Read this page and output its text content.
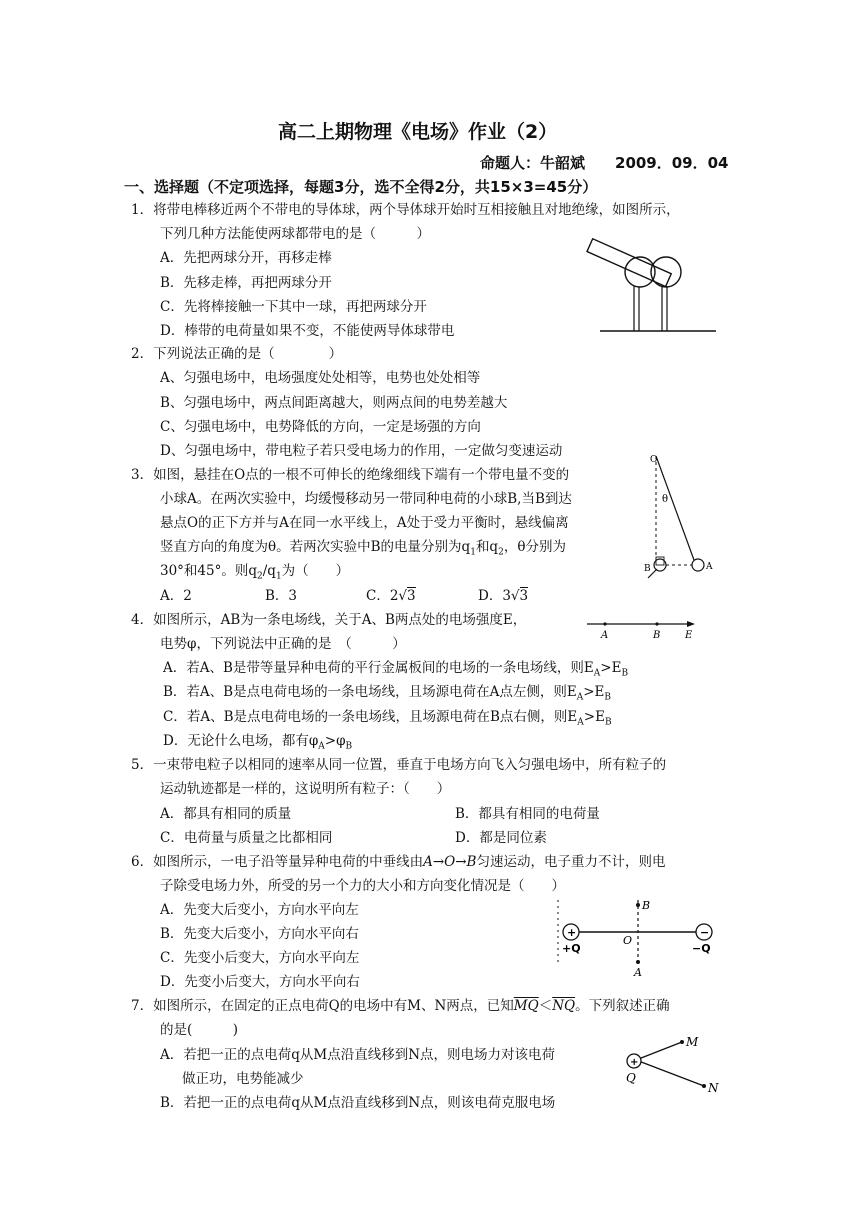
高二上期物理《电场》作业（2）
命题人：牛韶斌　　2009．09．04
一、选择题（不定项选择，每题3分，选不全得2分，共15×3=45分）
1．将带电棒移近两个不带电的导体球，两个导体球开始时互相接触且对地绝缘，如图所示，
下列几种方法能使两球都带电的是（　　　）
A．先把两球分开，再移走棒
B．先移走棒，再把两球分开
C．先将棒接触一下其中一球，再把两球分开
D．棒带的电荷量如果不变，不能使两导体球带电
2．下列说法正确的是（　　　　）
A、匀强电场中，电场强度处处相等，电势也处处相等
B、匀强电场中，两点间距离越大，则两点间的电势差越大
C、匀强电场中，电势降低的方向，一定是场强的方向
D、匀强电场中，带电粒子若只受电场力的作用，一定做匀变速运动
3．如图，悬挂在O点的一根不可伸长的绝缘细线下端有一个带电量不变的
小球A。在两次实验中，均缓慢移动另一带同种电荷的小球B,当B到达
悬点O的正下方并与A在同一水平线上，A处于受力平衡时，悬线偏离
竖直方向的角度为θ。若两次实验中B的电量分别为$q_1$和$q_2$，θ分别为
30°和45°。则$q_2/q_1$为（　　）
A．2	B．3	C．2√3	D．3√3
O
θ
B	A
4．如图所示，AB为一条电场线，关于A、B两点处的电场强度E，
电势φ，下列说法中正确的是　（　　　）
A．若A、B是带等量异种电荷的平行金属板间的电场的一条电场线，则$E_A>E_B$
B．若A、B是点电荷电场的一条电场线，且场源电荷在A点左侧，则$E_A>E_B$
C．若A、B是点电荷电场的一条电场线，且场源电荷在B点右侧，则$E_A>E_B$
D．无论什么电场，都有$\varphi_A>\varphi_B$
A	B E
5．一束带电粒子以相同的速率从同一位置，垂直于电场方向飞入匀强电场中，所有粒子的
运动轨迹都是一样的，这说明所有粒子：（　　）
A．都具有相同的质量	B．都具有相同的电荷量
C．电荷量与质量之比都相同	D．都是同位素
6．如图所示，一电子沿等量异种电荷的中垂线由A→O→B匀速运动，电子重力不计，则电
子除受电场力外，所受的另一个力的大小和方向变化情况是（　　）
A．先变大后变小，方向水平向左
B．先变大后变小，方向水平向右
C．先变小后变大，方向水平向左
D．先变小后变大，方向水平向右
+	−
B
O
A
+Q	−Q
7．如图所示，在固定的正点电荷Q的电场中有M、N两点，已知$\overline{MQ}<\overline{NQ}$。下列叙述正确
的是(　　　)
A．若把一正的点电荷q从M点沿直线移到N点，则电场力对该电荷
做正功，电势能减少
B．若把一正的点电荷q从M点沿直线移到N点，则该电荷克服电场
+
M
N
Q
